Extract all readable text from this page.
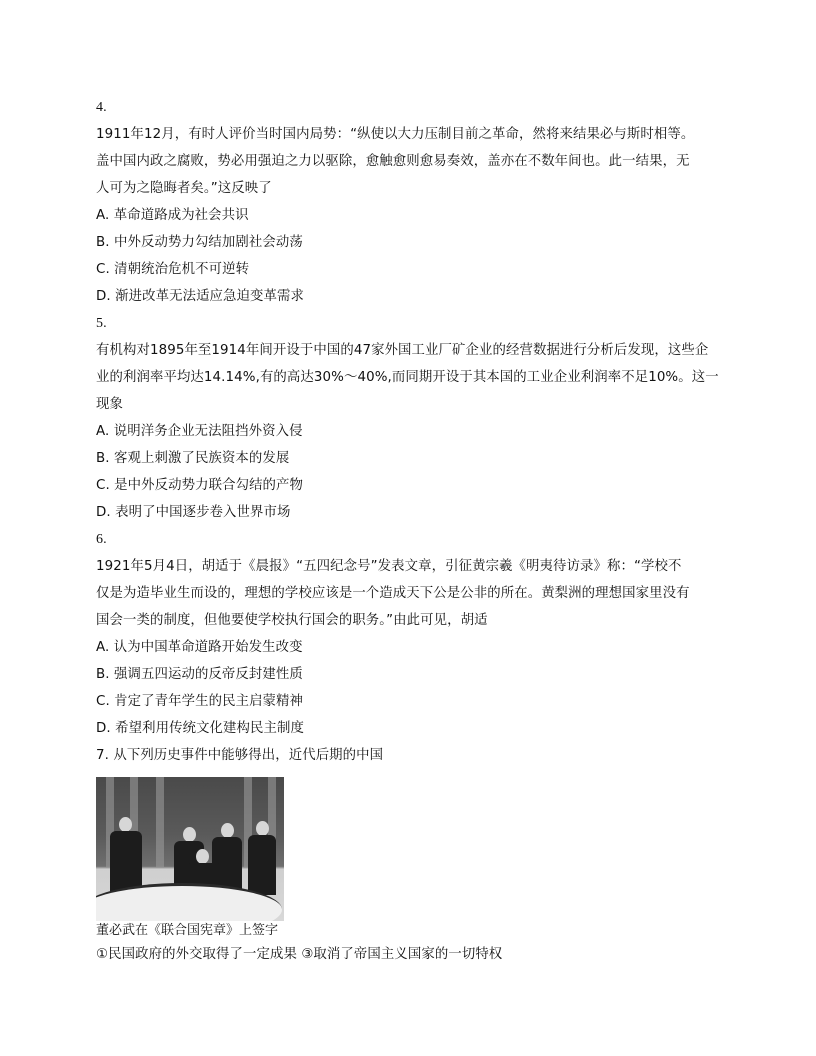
4.
1911年12月，有时人评价当时国内局势：“纵使以大力压制目前之革命，然将来结果必与斯时相等。
盖中国内政之腐败，势必用强迫之力以驱除，愈触愈则愈易奏效，盖亦在不数年间也。此一结果，无
人可为之隐晦者矣。”这反映了
A. 革命道路成为社会共识
B. 中外反动势力勾结加剧社会动荡
C. 清朝统治危机不可逆转
D. 渐进改革无法适应急迫变革需求
5.
有机构对1895年至1914年间开设于中国的47家外国工业厂矿企业的经营数据进行分析后发现，这些企
业的利润率平均达14.14%,有的高达30%～40%,而同期开设于其本国的工业企业利润率不足10%。这一
现象
A. 说明洋务企业无法阻挡外资入侵
B. 客观上刺激了民族资本的发展
C. 是中外反动势力联合勾结的产物
D. 表明了中国逐步卷入世界市场
6.
1921年5月4日，胡适于《晨报》“五四纪念号”发表文章，引征黄宗羲《明夷待访录》称：“学校不
仅是为造毕业生而设的，理想的学校应该是一个造成天下公是公非的所在。黄梨洲的理想国家里没有
国会一类的制度，但他要使学校执行国会的职务。”由此可见，胡适
A. 认为中国革命道路开始发生改变
B. 强调五四运动的反帝反封建性质
C. 肯定了青年学生的民主启蒙精神
D. 希望利用传统文化建构民主制度
7. 从下列历史事件中能够得出，近代后期的中国
董必武在《联合国宪章》上签字
①民国政府的外交取得了一定成果 ③取消了帝国主义国家的一切特权
